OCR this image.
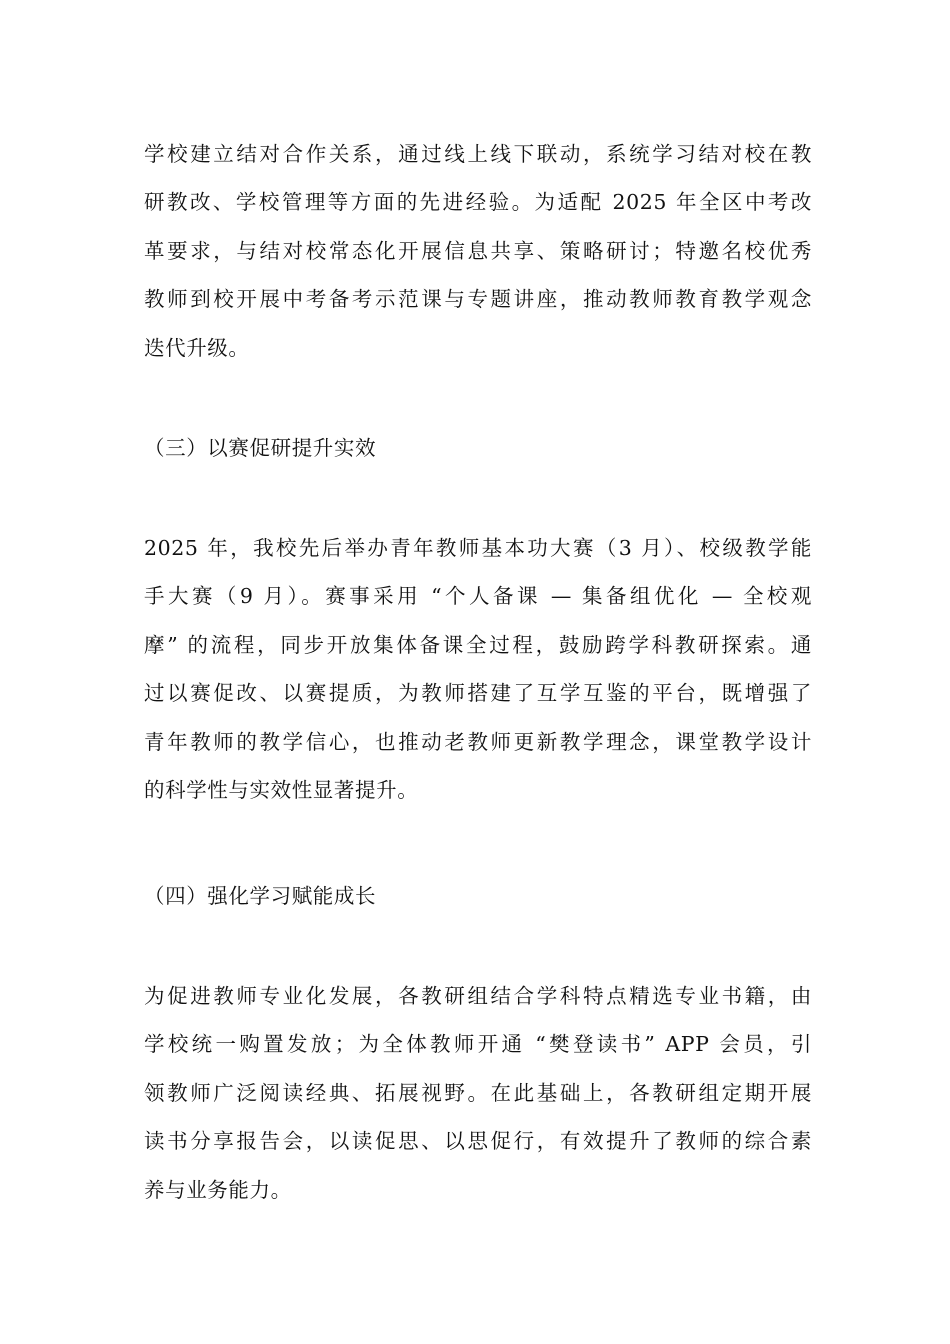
学校建立结对合作关系，通过线上线下联动，系统学习结对校在教
研教改、学校管理等方面的先进经验。为适配 2025 年全区中考改
革要求，与结对校常态化开展信息共享、策略研讨；特邀名校优秀
教师到校开展中考备考示范课与专题讲座，推动教师教育教学观念
迭代升级。
（三）以赛促研提升实效
2025 年，我校先后举办青年教师基本功大赛（3 月）、校级教学能
手大赛（9 月）。赛事采用 “个人备课 — 集备组优化 — 全校观
摩” 的流程，同步开放集体备课全过程，鼓励跨学科教研探索。通
过以赛促改、以赛提质，为教师搭建了互学互鉴的平台，既增强了
青年教师的教学信心，也推动老教师更新教学理念，课堂教学设计
的科学性与实效性显著提升。
（四）强化学习赋能成长
为促进教师专业化发展，各教研组结合学科特点精选专业书籍，由
学校统一购置发放；为全体教师开通 “樊登读书” APP 会员，引
领教师广泛阅读经典、拓展视野。在此基础上，各教研组定期开展
读书分享报告会，以读促思、以思促行，有效提升了教师的综合素
养与业务能力。
